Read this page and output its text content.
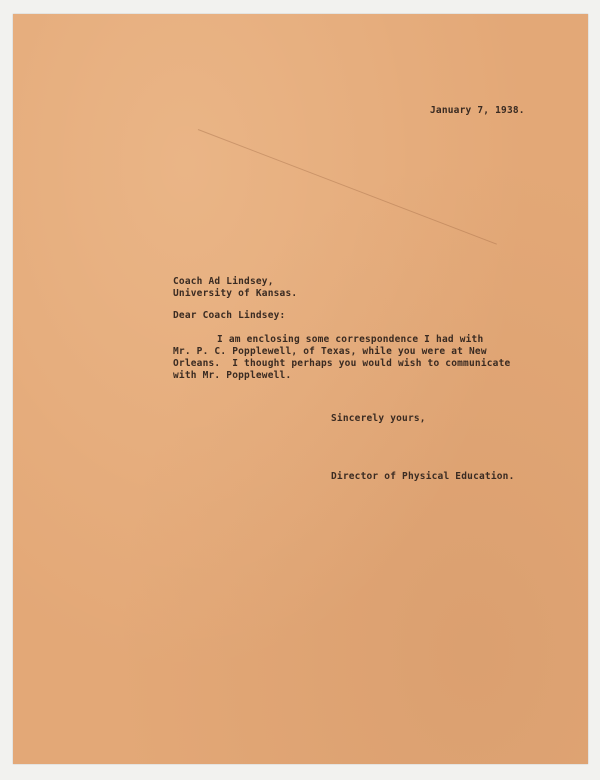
January 7, 1938.
Coach Ad Lindsey,
University of Kansas.
Dear Coach Lindsey:
I am enclosing some correspondence I had with
Mr. P. C. Popplewell, of Texas, while you were at New
Orleans.  I thought perhaps you would wish to communicate
with Mr. Popplewell.
Sincerely yours,
Director of Physical Education.
